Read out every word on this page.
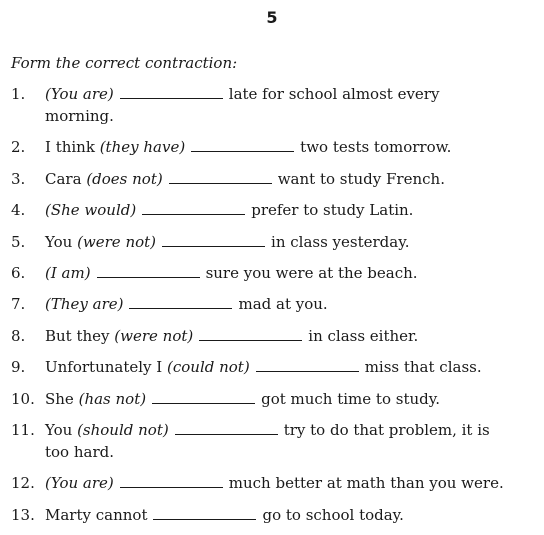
5
Form the correct contraction:
1. (You are)	late for school almost every morning.
2. I think (they have)	two tests tomorrow.
3. Cara (does not)	want to study French.
4. (She would)	prefer to study Latin.
5. You (were not)	in class yesterday.
6. (I am)	sure you were at the beach.
7. (They are)	mad at you.
8. But they (were not)	in class either.
9. Unfortunately I (could not)	miss that class.
10. She (has not)	got much time to study.
11. You (should not)	try to do that problem, it is too hard.
12. (You are)	much better at math than you were.
13. Marty cannot	go to school today.
